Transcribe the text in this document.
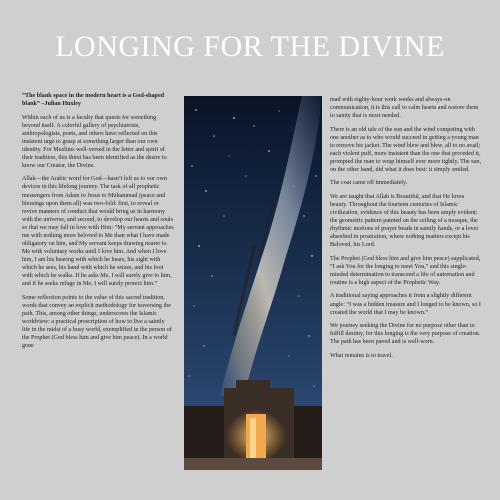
LONGING FOR THE DIVINE

“The blank space in the modern heart is a God-shaped blank” –Julian Huxley

Within each of us is a faculty that quests for something beyond itself. A colorful gallery of psychiatrists, anthropologists, poets, and others have reflected on this insistent urge to grasp at something larger than our own identity. For Muslims well-versed in the letter and spirit of their tradition, this thirst has been identified as the desire to know our Creator, the Divine.

Allah—the Arabic word for God—hasn’t left us to our own devices in this lifelong journey. The task of all prophetic messengers from Adam to Jesus to Muhammad (peace and blessings upon them all) was two-fold: first, to reveal or revive manners of conduct that would bring us in harmony with the universe, and second, to develop our hearts and souls so that we may fall in love with Him: “My servant approaches me with nothing more beloved to Me than what I have made obligatory on him, and My servant keeps drawing nearer to Me with voluntary works until I love him. And when I love him, I am his hearing with which he hears, his sight with which he sees, his hand with which he seizes, and his foot with which he walks. If he asks Me, I will surely give to him, and if he seeks refuge in Me, I will surely protect him.”

Some reflection points to the value of this sacred tradition, words that convey an explicit methodology for traversing the path. This, among other things, underscores the Islamic worldview: a practical prescription of how to live a saintly life in the midst of a busy world, exemplified in the person of the Prophet (God bless him and give him peace). In a world gone

mad with eighty-hour work weeks and always-on communication, it is this call to calm hearts and restore them to sanity that is most needed.

There is an old tale of the sun and the wind competing with one another as to who would succeed in getting a young man to remove his jacket. The wind blew and blew, all to no avail; each violent puff, more insistent than the one that preceded it, prompted the man to wrap himself ever more tightly. The sun, on the other hand, did what it does best: it simply smiled.

The coat came off immediately.

We are taught that Allah is Beautiful, and that He loves beauty. Throughout the fourteen centuries of Islamic civilization, evidence of this beauty has been amply evident: the geometric pattern painted on the ceiling of a mosque, the rhythmic motions of prayer beads in saintly hands, or a lover absorbed in prostration, where nothing matters except his Beloved, his Lord.

The Prophet (God bless him and give him peace) supplicated, “I ask You for the longing to meet You,” and this single-minded determination to transcend a life of automation and routine is a high aspect of the Prophetic Way.

A traditional saying approaches it from a slightly different angle: “I was a hidden treasure and I longed to be known, so I created the world that I may be known.”

We journey seeking the Divine for no purpose other than to fulfill destiny, for this longing is the very purpose of creation. The path has been paved and is well-worn.

What remains is to travel.
